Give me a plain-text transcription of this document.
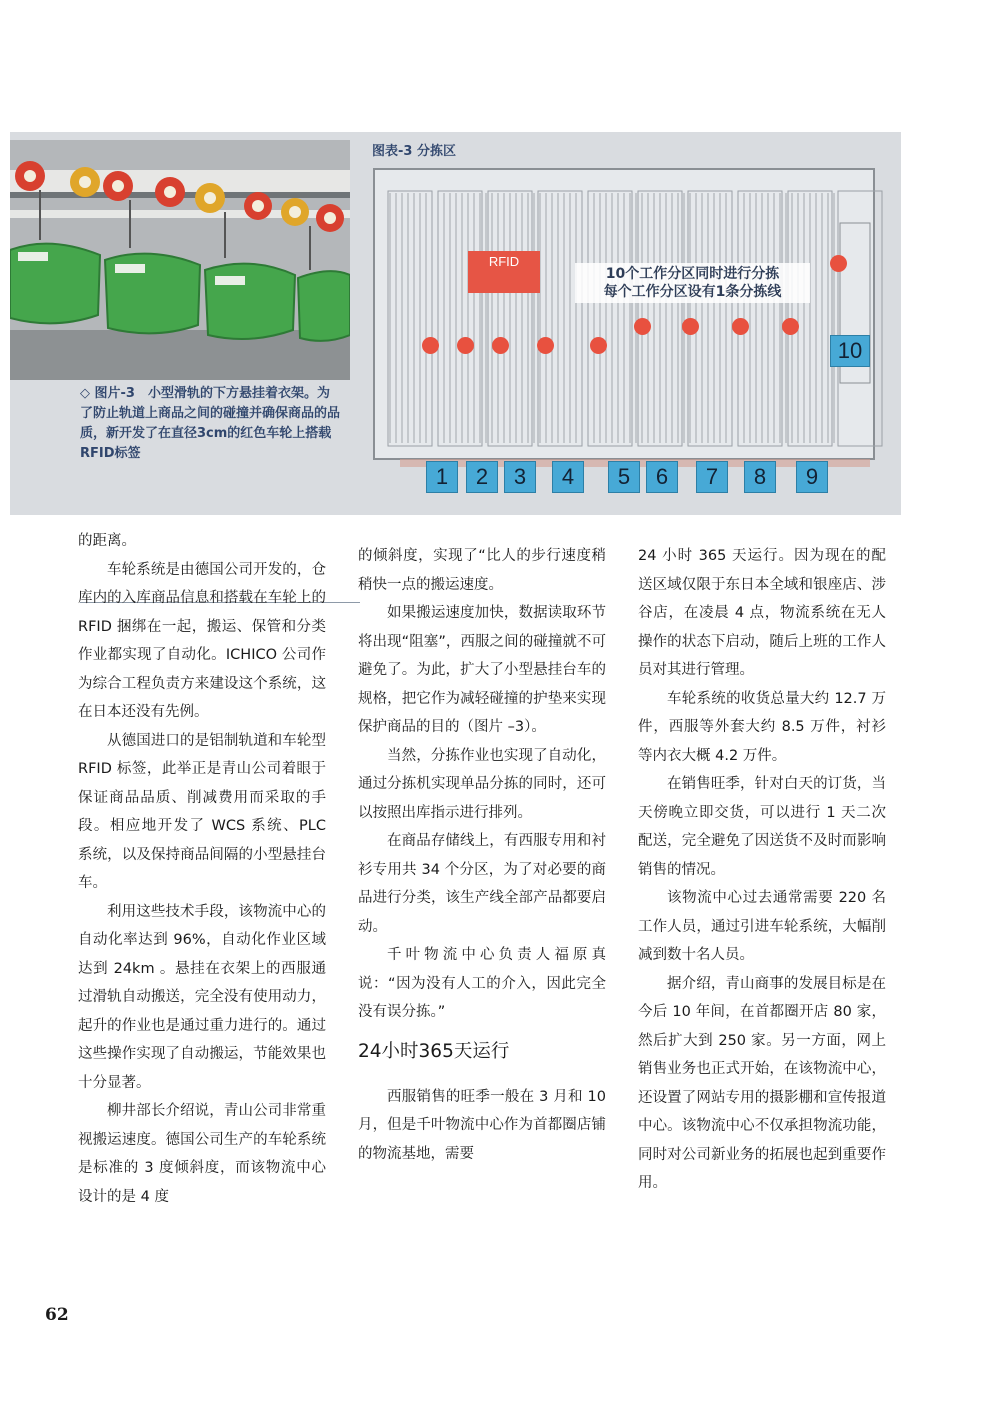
◇ 图片-3　小型滑轨的下方悬挂着衣架。为了防止轨道上商品之间的碰撞并确保商品的品质，新开发了在直径3cm的红色车轮上搭载RFID标签
图表-3 分拣区
RFID
10个工作分区同时进行分拣
每个工作分区设有1条分拣线
1	2	3	4	5	6	7	8	9
10

的距离。

车轮系统是由德国公司开发的，仓库内的入库商品信息和搭载在车轮上的 RFID 捆绑在一起，搬运、保管和分类作业都实现了自动化。ICHICO 公司作为综合工程负责方来建设这个系统，这在日本还没有先例。

从德国进口的是铝制轨道和车轮型 RFID 标签，此举正是青山公司着眼于保证商品品质、削减费用而采取的手段。相应地开发了 WCS 系统、PLC 系统，以及保持商品间隔的小型悬挂台车。

利用这些技术手段，该物流中心的自动化率达到 96%，自动化作业区域达到 24km 。悬挂在衣架上的西服通过滑轨自动搬送，完全没有使用动力，起升的作业也是通过重力进行的。通过这些操作实现了自动搬运，节能效果也十分显著。

柳井部长介绍说，青山公司非常重视搬运速度。德国公司生产的车轮系统是标准的 3 度倾斜度，而该物流中心设计的是 4 度

的倾斜度，实现了“比人的步行速度稍稍快一点的搬运速度。

如果搬运速度加快，数据读取环节将出现“阻塞”，西服之间的碰撞就不可避免了。为此，扩大了小型悬挂台车的规格，把它作为减轻碰撞的护垫来实现保护商品的目的（图片 –3）。

当然，分拣作业也实现了自动化，通过分拣机实现单品分拣的同时，还可以按照出库指示进行排列。

在商品存储线上，有西服专用和衬衫专用共 34 个分区，为了对必要的商品进行分类，该生产线全部产品都要启动。

千叶物流中心负责人福原真说：“因为没有人工的介入，因此完全没有误分拣。”

24小时365天运行

西服销售的旺季一般在 3 月和 10 月，但是千叶物流中心作为首都圈店铺的物流基地，需要

24 小时 365 天运行。因为现在的配送区域仅限于东日本全域和银座店、涉谷店，在凌晨 4 点，物流系统在无人操作的状态下启动，随后上班的工作人员对其进行管理。

车轮系统的收货总量大约 12.7 万件，西服等外套大约 8.5 万件，衬衫等内衣大概 4.2 万件。

在销售旺季，针对白天的订货，当天傍晚立即交货，可以进行 1 天二次配送，完全避免了因送货不及时而影响销售的情况。

该物流中心过去通常需要 220 名工作人员，通过引进车轮系统，大幅削减到数十名人员。

据介绍，青山商事的发展目标是在今后 10 年间，在首都圈开店 80 家，然后扩大到 250 家。另一方面，网上销售业务也正式开始，在该物流中心，还设置了网站专用的摄影棚和宣传报道中心。该物流中心不仅承担物流功能，同时对公司新业务的拓展也起到重要作用。

62
